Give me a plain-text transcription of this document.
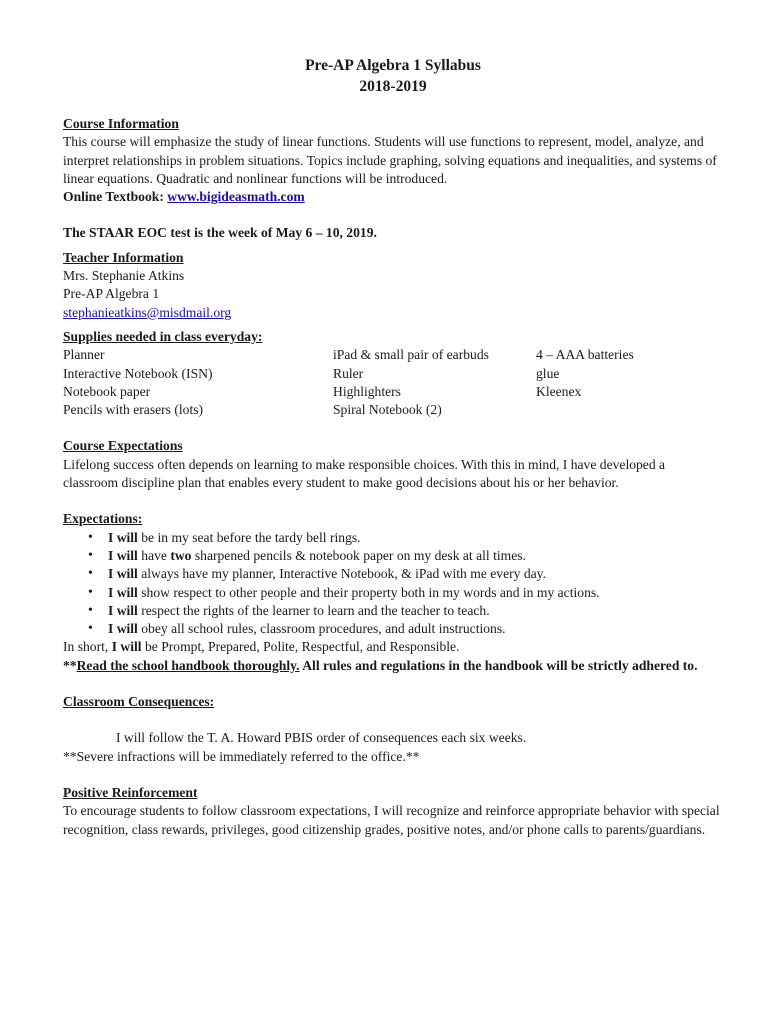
Pre-AP Algebra 1 Syllabus
2018-2019
Course Information
This course will emphasize the study of linear functions. Students will use functions to represent, model, analyze, and interpret relationships in problem situations. Topics include graphing, solving equations and inequalities, and systems of linear equations. Quadratic and nonlinear functions will be introduced.
Online Textbook: www.bigideasmath.com
The STAAR EOC test is the week of May 6 – 10, 2019.
Teacher Information
Mrs. Stephanie Atkins
Pre-AP Algebra 1
stephanieatkins@misdmail.org
Supplies needed in class everyday:
Planner	iPad & small pair of earbuds	4 – AAA batteries
Interactive Notebook (ISN)	Ruler	glue
Notebook paper	Highlighters	Kleenex
Pencils with erasers (lots)	Spiral Notebook (2)
Course Expectations
Lifelong success often depends on learning to make responsible choices. With this in mind, I have developed a classroom discipline plan that enables every student to make good decisions about his or her behavior.
Expectations:
• I will be in my seat before the tardy bell rings.
• I will have two sharpened pencils & notebook paper on my desk at all times.
• I will always have my planner, Interactive Notebook, & iPad with me every day.
• I will show respect to other people and their property both in my words and in my actions.
• I will respect the rights of the learner to learn and the teacher to teach.
• I will obey all school rules, classroom procedures, and adult instructions.
In short, I will be Prompt, Prepared, Polite, Respectful, and Responsible.
**Read the school handbook thoroughly. All rules and regulations in the handbook will be strictly adhered to.
Classroom Consequences:
I will follow the T. A. Howard PBIS order of consequences each six weeks.
**Severe infractions will be immediately referred to the office.**
Positive Reinforcement
To encourage students to follow classroom expectations, I will recognize and reinforce appropriate behavior with special recognition, class rewards, privileges, good citizenship grades, positive notes, and/or phone calls to parents/guardians.
